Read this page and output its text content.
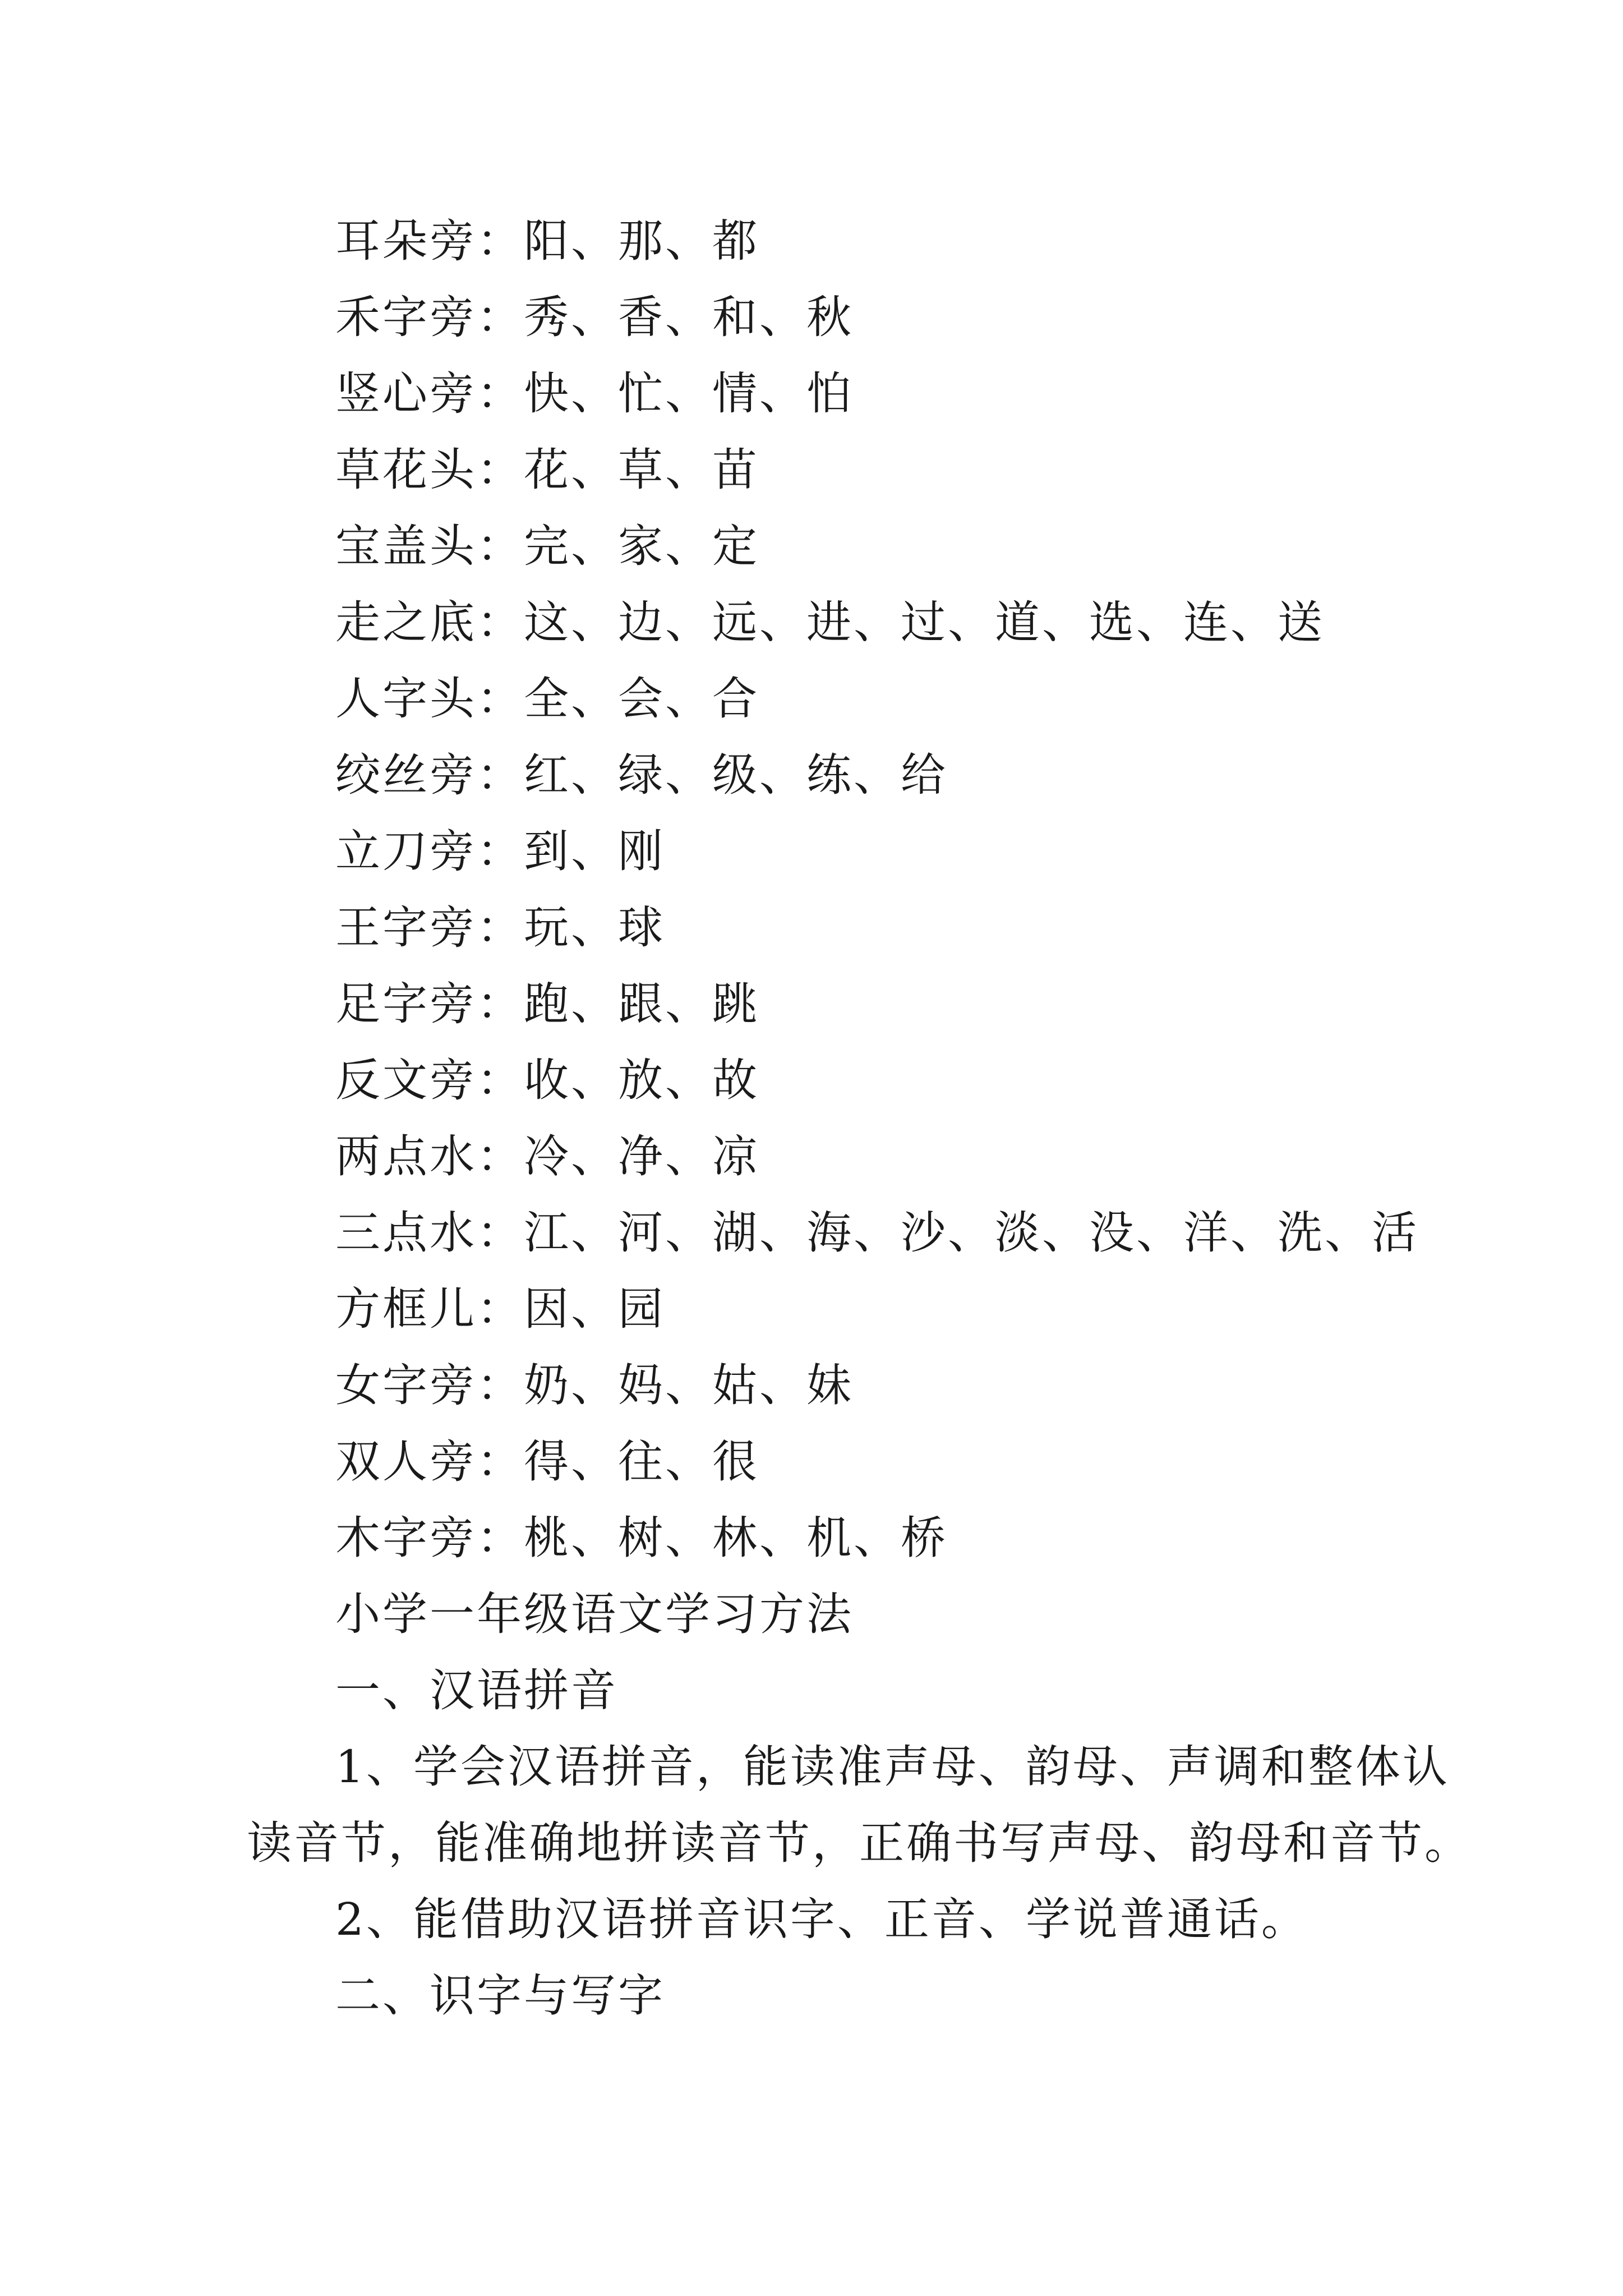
耳朵旁：阳、那、都
禾字旁：秀、香、和、秋
竖心旁：快、忙、情、怕
草花头：花、草、苗
宝盖头：完、家、定
走之底：这、边、远、进、过、道、选、连、送
人字头：全、会、合
绞丝旁：红、绿、级、练、给
立刀旁：到、刚
王字旁：玩、球
足字旁：跑、跟、跳
反文旁：收、放、故
两点水：冷、净、凉
三点水：江、河、湖、海、沙、淡、没、洋、洗、活
方框儿：因、园
女字旁：奶、妈、姑、妹
双人旁：得、往、很
木字旁：桃、树、林、机、桥
小学一年级语文学习方法
一、汉语拼音
1、学会汉语拼音，能读准声母、韵母、声调和整体认
读音节，能准确地拼读音节，正确书写声母、韵母和音节。
2、能借助汉语拼音识字、正音、学说普通话。
二、识字与写字
